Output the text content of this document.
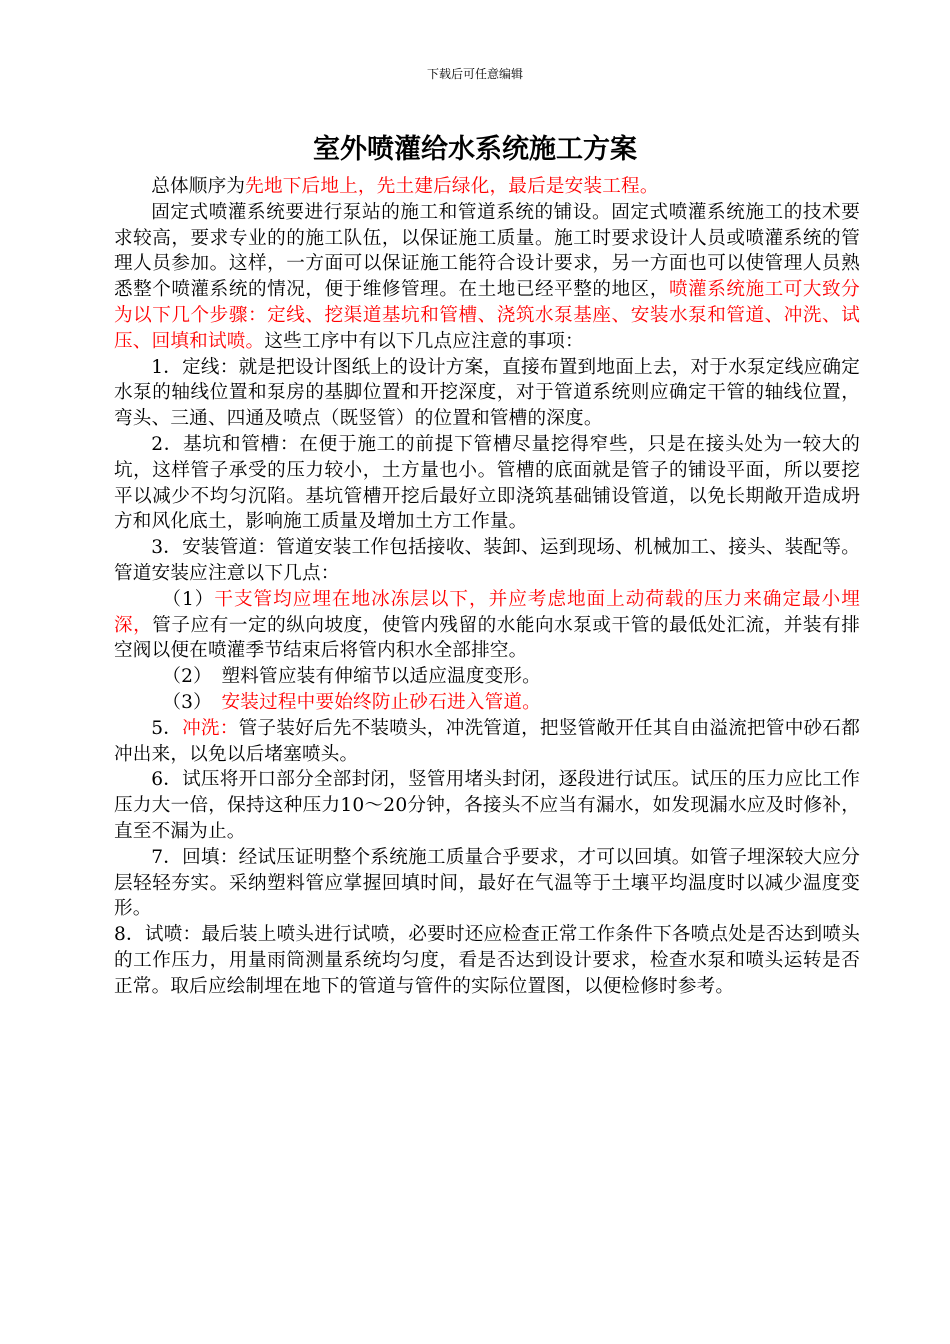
下载后可任意编辑
室外喷灌给水系统施工方案

总体顺序为先地下后地上，先土建后绿化，最后是安装工程。

固定式喷灌系统要进行泵站的施工和管道系统的铺设。固定式喷灌系统施工的技术要求较高，要求专业的的施工队伍，以保证施工质量。施工时要求设计人员或喷灌系统的管理人员参加。这样，一方面可以保证施工能符合设计要求，另一方面也可以使管理人员熟悉整个喷灌系统的情况，便于维修管理。在土地已经平整的地区，喷灌系统施工可大致分为以下几个步骤：定线、挖渠道基坑和管槽、浇筑水泵基座、安装水泵和管道、冲洗、试压、回填和试喷。这些工序中有以下几点应注意的事项：

1．定线：就是把设计图纸上的设计方案，直接布置到地面上去，对于水泵定线应确定水泵的轴线位置和泵房的基脚位置和开挖深度，对于管道系统则应确定干管的轴线位置，弯头、三通、四通及喷点（既竖管）的位置和管槽的深度。

2．基坑和管槽：在便于施工的前提下管槽尽量挖得窄些，只是在接头处为一较大的坑，这样管子承受的压力较小，土方量也小。管槽的底面就是管子的铺设平面，所以要挖平以减少不均匀沉陷。基坑管槽开挖后最好立即浇筑基础铺设管道，以免长期敞开造成坍方和风化底土，影响施工质量及增加土方工作量。

3．安装管道：管道安装工作包括接收、装卸、运到现场、机械加工、接头、装配等。管道安装应注意以下几点：

（1）干支管均应埋在地冰冻层以下，并应考虑地面上动荷载的压力来确定最小埋深，管子应有一定的纵向坡度，使管内残留的水能向水泵或干管的最低处汇流，并装有排空阀以便在喷灌季节结束后将管内积水全部排空。

（2）　塑料管应装有伸缩节以适应温度变形。

（3）　安装过程中要始终防止砂石进入管道。

5．冲洗：管子装好后先不装喷头，冲洗管道，把竖管敞开任其自由溢流把管中砂石都冲出来，以免以后堵塞喷头。

6．试压将开口部分全部封闭，竖管用堵头封闭，逐段进行试压。试压的压力应比工作压力大一倍，保持这种压力10～20分钟，各接头不应当有漏水，如发现漏水应及时修补，直至不漏为止。

7．回填：经试压证明整个系统施工质量合乎要求，才可以回填。如管子埋深较大应分层轻轻夯实。采纳塑料管应掌握回填时间，最好在气温等于土壤平均温度时以减少温度变形。

8．试喷：最后装上喷头进行试喷，必要时还应检查正常工作条件下各喷点处是否达到喷头的工作压力，用量雨筒测量系统均匀度，看是否达到设计要求，检查水泵和喷头运转是否正常。取后应绘制埋在地下的管道与管件的实际位置图，以便检修时参考。
